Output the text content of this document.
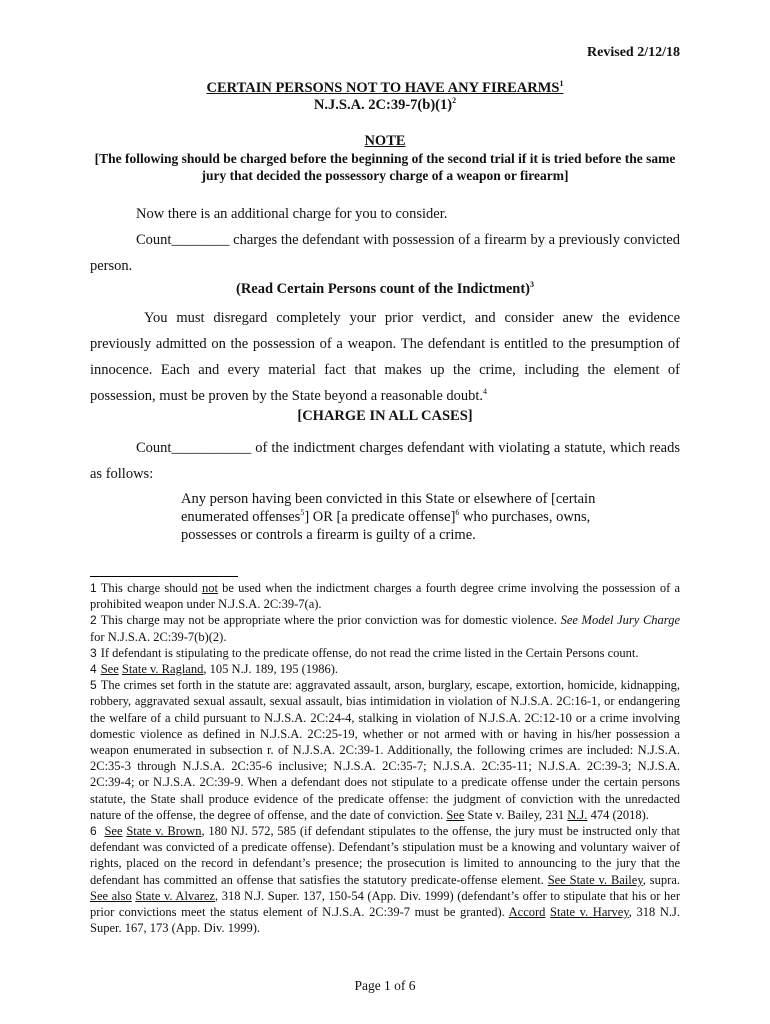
Revised 2/12/18
CERTAIN PERSONS NOT TO HAVE ANY FIREARMS$^1$
N.J.S.A. $2C:39-7(b)(1)^2$
NOTE
[The following should be charged before the beginning of the second trial if it is tried before the same jury that decided the possessory charge of a weapon or firearm]
Now there is an additional charge for you to consider.
Count________ charges the defendant with possession of a firearm by a previously convicted person.
(Read Certain Persons count of the Indictment)$^3$
You must disregard completely your prior verdict, and consider anew the evidence previously admitted on the possession of a weapon. The defendant is entitled to the presumption of innocence. Each and every material fact that makes up the crime, including the element of possession, must be proven by the State beyond a reasonable doubt.$^4$
[CHARGE IN ALL CASES]
Count___________ of the indictment charges defendant with violating a statute, which reads as follows:
Any person having been convicted in this State or elsewhere of [certain enumerated offenses$^5$] OR [a predicate offense]$^6$ who purchases, owns, possesses or controls a firearm is guilty of a crime.

1 This charge should not be used when the indictment charges a fourth degree crime involving the possession of a prohibited weapon under N.J.S.A. 2C:39-7(a).

2 This charge may not be appropriate where the prior conviction was for domestic violence. See Model Jury Charge for N.J.S.A. 2C:39-7(b)(2).

3 If defendant is stipulating to the predicate offense, do not read the crime listed in the Certain Persons count.

4 See State v. Ragland, 105 N.J. 189, 195 (1986).

5 The crimes set forth in the statute are: aggravated assault, arson, burglary, escape, extortion, homicide, kidnapping, robbery, aggravated sexual assault, sexual assault, bias intimidation in violation of N.J.S.A. 2C:16-1, or endangering the welfare of a child pursuant to N.J.S.A. 2C:24-4, stalking in violation of N.J.S.A. 2C:12-10 or a crime involving domestic violence as defined in N.J.S.A. 2C:25-19, whether or not armed with or having in his/her possession a weapon enumerated in subsection r. of N.J.S.A. 2C:39-1. Additionally, the following crimes are included: N.J.S.A. 2C:35-3 through N.J.S.A. 2C:35-6 inclusive; N.J.S.A. 2C:35-7; N.J.S.A. 2C:35-11; N.J.S.A. 2C:39-3; N.J.S.A. 2C:39-4; or N.J.S.A. 2C:39-9. When a defendant does not stipulate to a predicate offense under the certain persons statute, the State shall produce evidence of the predicate offense: the judgment of conviction with the unredacted nature of the offense, the degree of offense, and the date of conviction. See State v. Bailey, 231 N.J. 474 (2018).

6 See State v. Brown, 180 NJ. 572, 585 (if defendant stipulates to the offense, the jury must be instructed only that defendant was convicted of a predicate offense). Defendant’s stipulation must be a knowing and voluntary waiver of rights, placed on the record in defendant’s presence; the prosecution is limited to announcing to the jury that the defendant has committed an offense that satisfies the statutory predicate-offense element. See State v. Bailey, supra. See also State v. Alvarez, 318 N.J. Super. 137, 150-54 (App. Div. 1999) (defendant’s offer to stipulate that his or her prior convictions meet the status element of N.J.S.A. 2C:39-7 must be granted). Accord State v. Harvey, 318 N.J. Super. 167, 173 (App. Div. 1999).

Page 1 of 6
